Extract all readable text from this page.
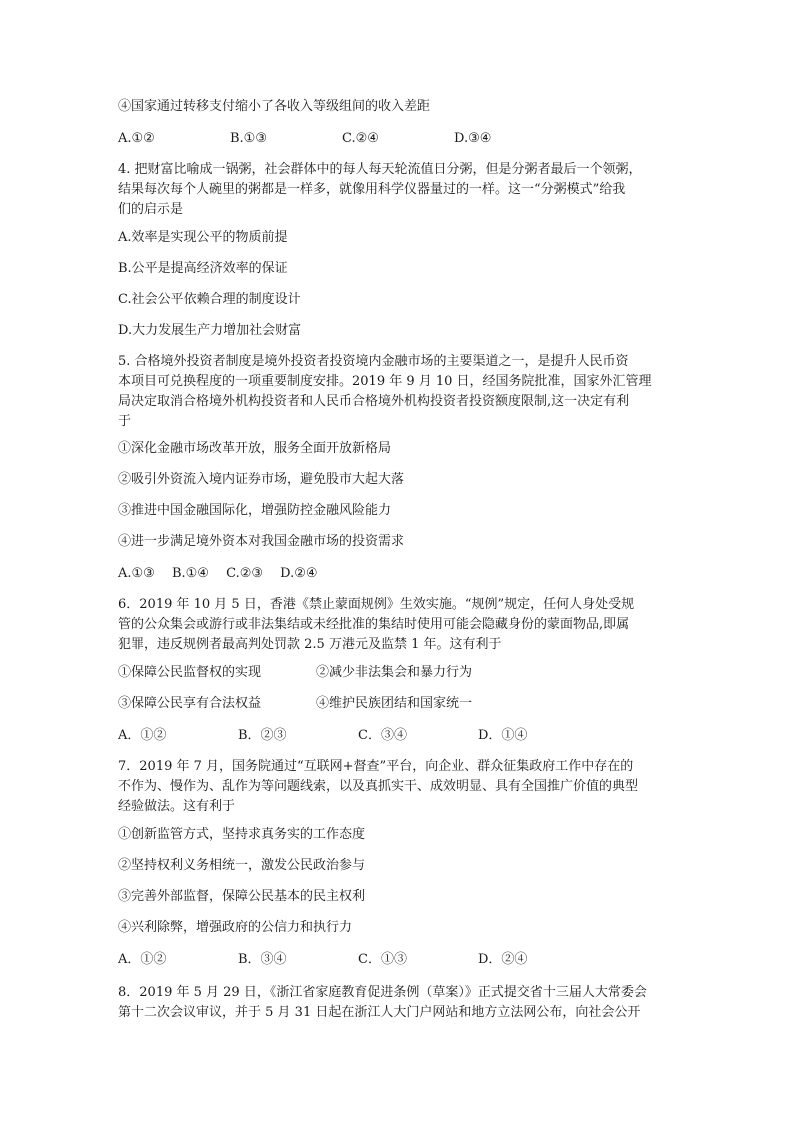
④国家通过转移支付缩小了各收入等级组间的收入差距
A.①②	B.①③	C.②④	D.③④
4. 把财富比喻成一锅粥，社会群体中的每人每天轮流值日分粥，但是分粥者最后一个领粥，
结果每次每个人碗里的粥都是一样多，就像用科学仪器量过的一样。这一“分粥模式”给我
们的启示是
A.效率是实现公平的物质前提
B.公平是提高经济效率的保证
C.社会公平依赖合理的制度设计
D.大力发展生产力增加社会财富
5. 合格境外投资者制度是境外投资者投资境内金融市场的主要渠道之一，是提升人民币资
本项目可兑换程度的一项重要制度安排。2019 年 9 月 10 日，经国务院批准，国家外汇管理
局决定取消合格境外机构投资者和人民币合格境外机构投资者投资额度限制,这一决定有利
于
①深化金融市场改革开放，服务全面开放新格局
②吸引外资流入境内证券市场，避免股市大起大落
③推进中国金融国际化，增强防控金融风险能力
④进一步满足境外资本对我国金融市场的投资需求
A.①③　 B.①④　 C.②③　 D.②④
6．2019 年 10 月 5 日，香港《禁止蒙面规例》生效实施。“规例”规定，任何人身处受规
管的公众集会或游行或非法集结或未经批准的集结时使用可能会隐藏身份的蒙面物品,即属
犯罪，违反规例者最高判处罚款 2.5 万港元及监禁 1 年。这有利于
①保障公民监督权的实现	②减少非法集会和暴力行为
③保障公民享有合法权益	④维护民族团结和国家统一
A．①②	B．②③	C．③④	D．①④
7．2019 年 7 月，国务院通过“互联网+督查”平台，向企业、群众征集政府工作中存在的
不作为、慢作为、乱作为等问题线索，以及真抓实干、成效明显、具有全国推广价值的典型
经验做法。这有利于
①创新监管方式，坚持求真务实的工作态度
②坚持权利义务相统一，激发公民政治参与
③完善外部监督，保障公民基本的民主权利
④兴利除弊，增强政府的公信力和执行力
A．①②	B．③④	C．①③	D．②④
8．2019 年 5 月 29 日，《浙江省家庭教育促进条例（草案）》正式提交省十三届人大常委会
第十二次会议审议，并于 5 月 31 日起在浙江人大门户网站和地方立法网公布，向社会公开
